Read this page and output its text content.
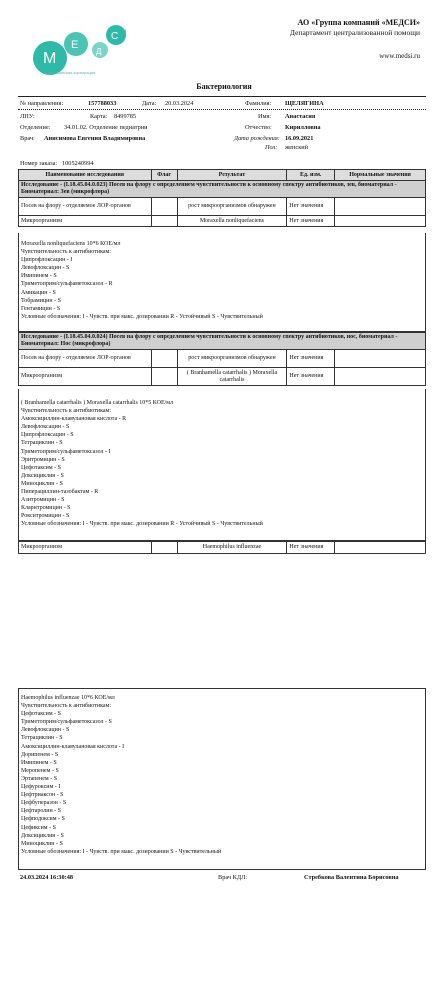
М
Е
Д
С И
медицинская корпорация
АО «Группа компаний «МЕДСИ»
Департамент централизованной помощи
www.medsi.ru
Бактериология
№ направления:	157788033	Дата: 20.03.2024	Фамилия: ЩЕЛЯГИНА
ЛПУ:	Карта: 8499785	Имя: Анастасия
Отделение: 34.01.02. Отделение педиатрии	Отчество: Кирилловна
Врач: Анисимова Евгения Владимировна	Дата рождения: 16.09.2021
Пол: женский
Номер заказа: 1005240994
Наименование исследования	Флаг	Результат	Ед. изм.	Нормальные значения
Исследование - (I.18.45.04.0.023) Посев на флору с определением чувствительности к основному спектру антибиотиков, зев, биоматериал - Биоматериал: Зев (микрофлора)				
Посев на флору - отделяемое ЛОР-органов		рост микроорганизмов обнаружен	Нет значения	
Микроорганизм		Moraxella nonliquefaciens	Нет значения	
Moraxella nonliquefaciens 10*6 КОЕ/мл
Чувствительность к антибиотикам:
Ципрофлоксацин - I
Левофлоксацин - S
Имипинем - S
Триметоприм/сульфаметоксазол - R
Амикацин - S
Тобрамицин - S
Гентамицин - S
Условные обозначения: I - Чувств. при макс. дозировании R - Устойчивый S - Чувствительный
Исследование - (I.18.45.04.0.024) Посев на флору с определением чувствительности к основному спектру антибиотиков, нос, биоматериал - Биоматериал: Нос (микрофлора)				
Посев на флору - отделяемое ЛОР-органов		рост микроорганизмов обнаружен	Нет значения	
Микроорганизм		( Branhamella catarrhalis ) Moraxella catarrhalis	Нет значения	
( Branhamella catarrhalis ) Moraxella catarrhalis 10*5 КОЕ/мл
Чувствительность к антибиотикам:
Амоксициллин-клавулановая кислота - R
Левофлоксацин - S
Ципрофлоксацин - S
Тетрациклин - S
Триметоприм/сульфаметоксазол - I
Эритромицин - S
Цефотаксим - S
Доксициклин - S
Миноциклин - S
Пиперациллин-тазобактам - R
Азитромицин - S
Кларитромицин - S
Рокситромицин - S
Условные обозначения: I - Чувств. при макс. дозировании R - Устойчивый S - Чувствительный
Микроорганизм		Haemophilus influenzae	Нет значения	
Haemophilus influenzae 10*6 КОЕ/мл
Чувствительность к антибиотикам:
Цефотаксим - S
Триметоприм/сульфаметоксазол - S
Левофлоксацин - S
Тетрациклин - S
Амоксициллин-клавулановая кислота - I
Дорипенем - S
Имипинем - S
Меропенем - S
Эртапенем - S
Цефуроксим - I
Цефтриаксон - S
Цефбуперазон - S
Цефтаролин - S
Цефподоксим - S
Цефиксим - S
Доксициклин - S
Миноциклин - S
Условные обозначения: I - Чувств. при макс. дозировании S - Чувствительный
24.03.2024 16:30:48	Врач КДЛ:	Стребкова Валентина Борисовна
